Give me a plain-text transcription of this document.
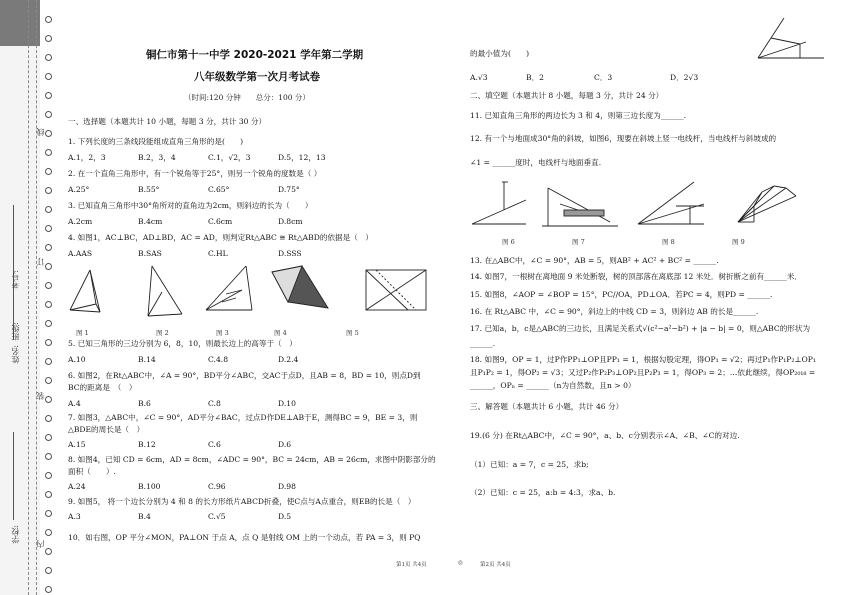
学校:
姓名:
班级:
考号:
内
装
订
线
铜仁市第十一中学 2020-2021 学年第二学期
八年级数学第一次月考试卷
（时间:120 分钟　　总分：100 分）
一、选择题（本题共计 10 小题，每题 3 分，共计 30 分）
1. 下列长度的三条线段能组成直角三角形的是(　　)
A.1，2，3	B.2，3，4	C.1，√2，3	D.5，12，13
2. 在一个直角三角形中，有一个锐角等于25°，则另一个锐角的度数是（ ）
A.25°	B.55°	C.65°	D.75°
3. 已知直角三角形中30°角所对的直角边为2cm，则斜边的长为（　　）
A.2cm	B.4cm	C.6cm	D.8cm
4. 如图1，AC⊥BC，AD⊥BD，AC = AD，则判定Rt△ABC ≅ Rt△ABD的依据是（　）
A.AAS	B.SAS	C.HL	D.SSS
图 1	图 2	图 3	图 4	图 5
5. 已知三角形的三边分别为 6，8，10，则最长边上的高等于（　）
A.10	B.14	C.4.8	D.2.4
6. 如图2，在Rt△ABC中，∠A = 90°，BD平分∠ABC，交AC于点D，且AB = 8，BD = 10，则点D到
BC的距离是　（　）
A.4	B.6	C.8	D.10
7. 如图3，△ABC中，∠C = 90°，AD平分∠BAC，过点D作DE⊥AB于E，测得BC = 9，BE = 3，则
△BDE的周长是（　）
A.15	B.12	C.6	D.6
8. 如图4，已知 CD = 6cm，AD = 8cm，∠ADC = 90°，BC = 24cm，AB = 26cm，求图中阴影部分的
面积（　　）.
A.24	B.100	C.96	D.98
9. 如图5， 将一个边长分别为 4 和 8 的长方形纸片ABCD折叠，使C点与A点重合，则EB的长是（　）
A.3	B.4	C.√5	D.5
10．如右图，OP 平分∠MON，PA⊥ON 于点 A，点 Q 是射线 OM 上的一个动点，若 PA = 3，则 PQ
的最小值为(　　)
A.√3	B．2	C．3	D．2√3
二、填空题（本题共计 8 小题，每题 3 分，共计 24 分）
11. 已知直角三角形的两边长为 3 和 4，则第三边长度为______.
12. 有一个与地面成30°角的斜坡，如图6，现要在斜坡上竖一电线杆，当电线杆与斜坡成的
∠1 = ______度时，电线杆与地面垂直.
图 6	图 7	图 8	图 9
13. 在△ABC中，∠C = 90°，AB = 5，则AB² + AC² + BC² = ______.
14. 如图7，一根树在离地面 9 米处断裂，树的顶部落在离底部 12 米处．树折断之前有______米．
15. 如图8，∠AOP = ∠BOP = 15°，PC//OA，PD⊥OA．若PC = 4，则PD = ______.
16. 在 Rt△ABC 中，∠C = 90°，斜边上的中线 CD = 3，则斜边 AB 的长是______.
17. 已知a，b，c是△ABC的三边长，且满足关系式√(c²−a²−b²) + |a − b| = 0，则△ABC的形状为
______.
18. 如图9，OP = 1，过P作PP₁⊥OP且PP₁ = 1，根据勾股定理，得OP₁ = √2；再过P₁作P₁P₂⊥OP₁
且P₁P₂ = 1，得OP₂ = √3；又过P₂作P₂P₃⊥OP₂且P₂P₃ = 1，得OP₃ = 2；…依此继续，得OP₂₀₁₈ =
______，OPₙ = ______（n为自然数，且n > 0）
三、解答题（本题共计 6 小题，共计 46 分）
19.(6 分) 在Rt△ABC中，∠C = 90°，a、b、c分别表示∠A、∠B、∠C的对边.
（1）已知：a = 7，c = 25，求b;
（2）已知：c = 25，a:b = 4:3，求a、b.
第1页 共4页	◎	第2页 共4页
